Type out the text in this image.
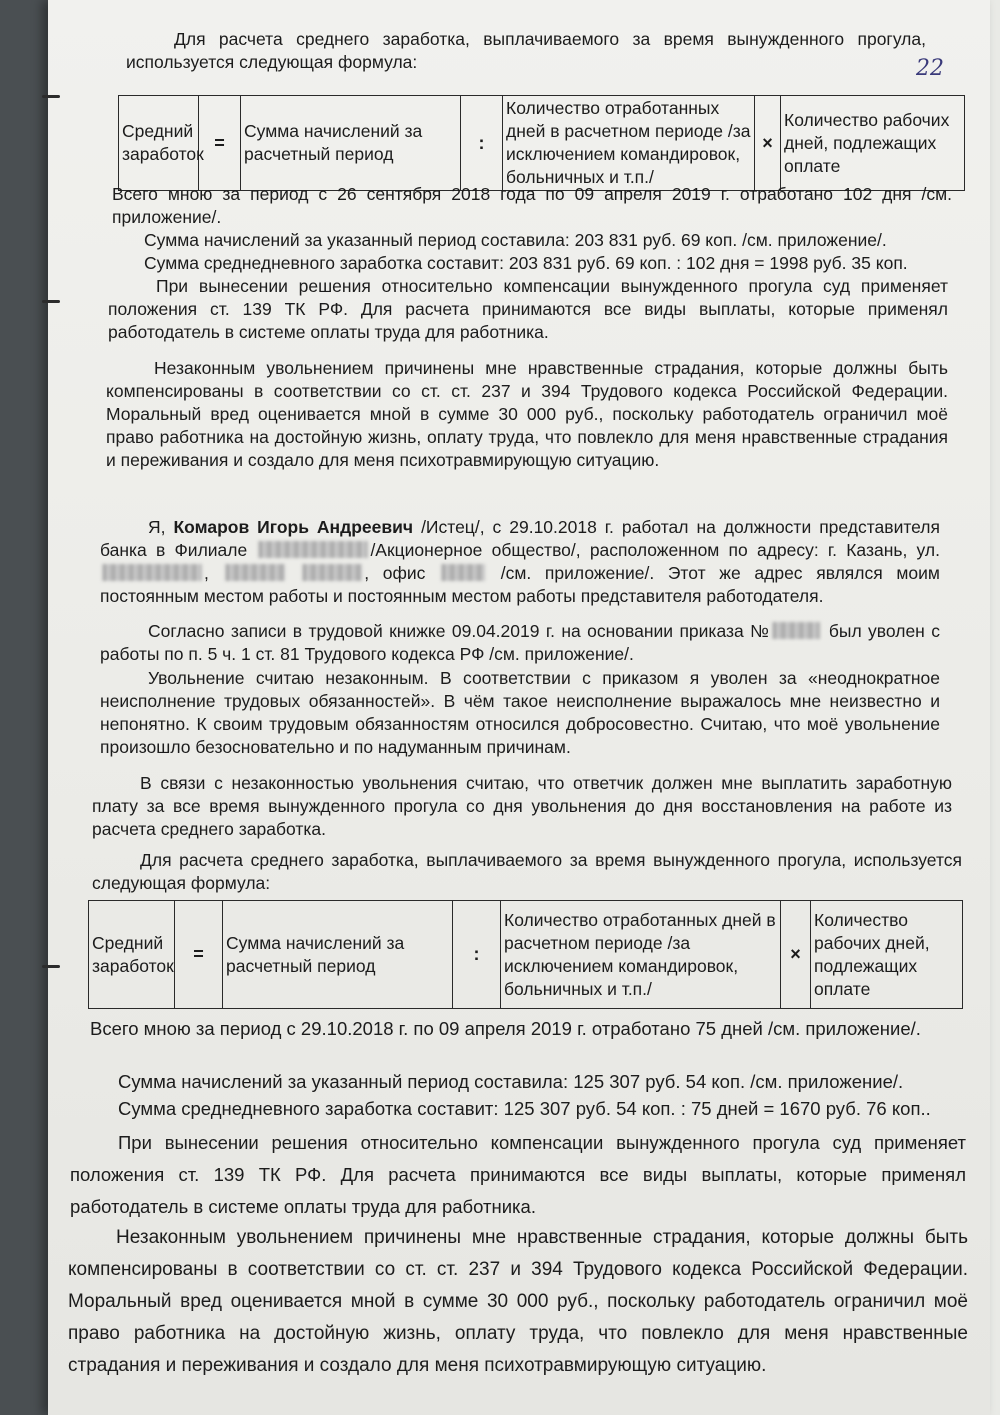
22

Для расчета среднего заработка, выплачиваемого за время вынужденного прогула, используется следующая формула:

Средний заработок	=	Сумма начислений за расчетный период	:	Количество отработанных дней в расчетном периоде /за исключением командировок, больничных и т.п./	×	Количество рабочих дней, подлежащих оплате

Всего мною за период с 26 сентября 2018 года по 09 апреля 2019 г. отработано 102 дня /см. приложение/.

Сумма начислений за указанный период составила: 203 831 руб. 69 коп. /см. приложение/.

Сумма среднедневного заработка составит: 203 831 руб. 69 коп. : 102 дня = 1998 руб. 35 коп.

При вынесении решения относительно компенсации вынужденного прогула суд применяет положения ст. 139 ТК РФ. Для расчета принимаются все виды выплаты, которые применял работодатель в системе оплаты труда для работника.

Незаконным увольнением причинены мне нравственные страдания, которые должны быть компенсированы в соответствии со ст. ст. 237 и 394 Трудового кодекса Российской Федерации. Моральный вред оценивается мной в сумме 30 000 руб., поскольку работодатель ограничил моё право работника на достойную жизнь, оплату труда, что повлекло для меня нравственные страдания и переживания и создало для меня психотравмирующую ситуацию.

Я, Комаров Игорь Андреевич /Истец/, с 29.10.2018 г. работал на должности представителя банка в Филиале	/Акционерное общество/, расположенном по адресу: г. Казань, ул. ,	, офис	/см. приложение/. Этот же адрес являлся моим постоянным местом работы и постоянным местом работы представителя работодателя.

Согласно записи в трудовой книжке 09.04.2019 г. на основании приказа №	был уволен с работы по п. 5 ч. 1 ст. 81 Трудового кодекса РФ /см. приложение/.

Увольнение считаю незаконным. В соответствии с приказом я уволен за «неоднократное неисполнение трудовых обязанностей». В чём такое неисполнение выражалось мне неизвестно и непонятно. К своим трудовым обязанностям относился добросовестно. Считаю, что моё увольнение произошло безосновательно и по надуманным причинам.

В связи с незаконностью увольнения считаю, что ответчик должен мне выплатить заработную плату за все время вынужденного прогула со дня увольнения до дня восстановления на работе из расчета среднего заработка.

Для расчета среднего заработка, выплачиваемого за время вынужденного прогула, используется следующая формула:

Средний заработок	=	Сумма начислений за расчетный период	:	Количество отработанных дней в расчетном периоде /за исключением командировок, больничных и т.п./	×	Количество рабочих дней, подлежащих оплате

Всего мною за период с 29.10.2018 г. по 09 апреля 2019 г. отработано 75 дней /см. приложение/.

Сумма начислений за указанный период составила: 125 307 руб. 54 коп. /см. приложение/.

Сумма среднедневного заработка составит: 125 307 руб. 54 коп. : 75 дней = 1670 руб. 76 коп..

При вынесении решения относительно компенсации вынужденного прогула суд применяет положения ст. 139 ТК РФ. Для расчета принимаются все виды выплаты, которые применял работодатель в системе оплаты труда для работника.

Незаконным увольнением причинены мне нравственные страдания, которые должны быть компенсированы в соответствии со ст. ст. 237 и 394 Трудового кодекса Российской Федерации. Моральный вред оценивается мной в сумме 30 000 руб., поскольку работодатель ограничил моё право работника на достойную жизнь, оплату труда, что повлекло для меня нравственные страдания и переживания и создало для меня психотравмирующую ситуацию.
